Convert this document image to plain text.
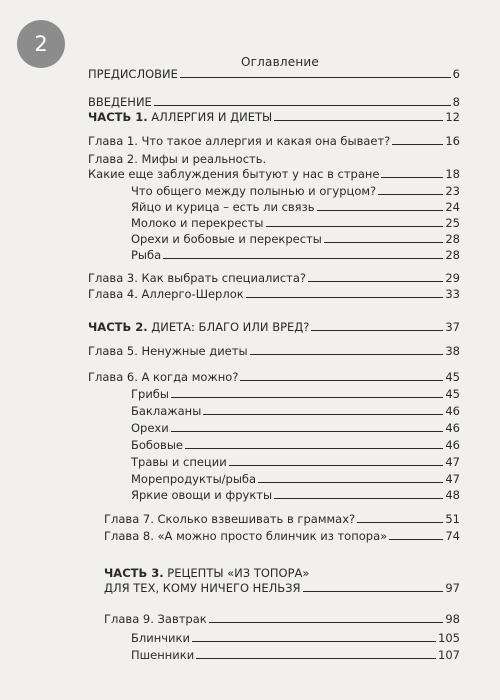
2
Оглавление
ПРЕДИСЛОВИЕ	6
ВВЕДЕНИЕ	8
ЧАСТЬ 1. АЛЛЕРГИЯ И ДИЕТЫ	12
Глава 1. Что такое аллергия и какая она бывает?	16
Глава 2. Мифы и реальность.
Какие еще заблуждения бытуют у нас в стране	18
Что общего между полынью и огурцом?	23
Яйцо и курица – есть ли связь	24
Молоко и перекресты	25
Орехи и бобовые и перекресты	28
Рыба	28
Глава 3. Как выбрать специалиста?	29
Глава 4. Аллерго-Шерлок	33
ЧАСТЬ 2. ДИЕТА: БЛАГО ИЛИ ВРЕД?	37
Глава 5. Ненужные диеты	38
Глава 6. А когда можно?	45
Грибы	45
Баклажаны	46
Орехи	46
Бобовые	46
Травы и специи	47
Морепродукты/рыба	47
Яркие овощи и фрукты	48
Глава 7. Сколько взвешивать в граммах?	51
Глава 8. «А можно просто блинчик из топора»	74
ЧАСТЬ 3. РЕЦЕПТЫ «ИЗ ТОПОРА»
ДЛЯ ТЕХ, КОМУ НИЧЕГО НЕЛЬЗЯ	97
Глава 9. Завтрак	98
Блинчики	105
Пшенники	107
